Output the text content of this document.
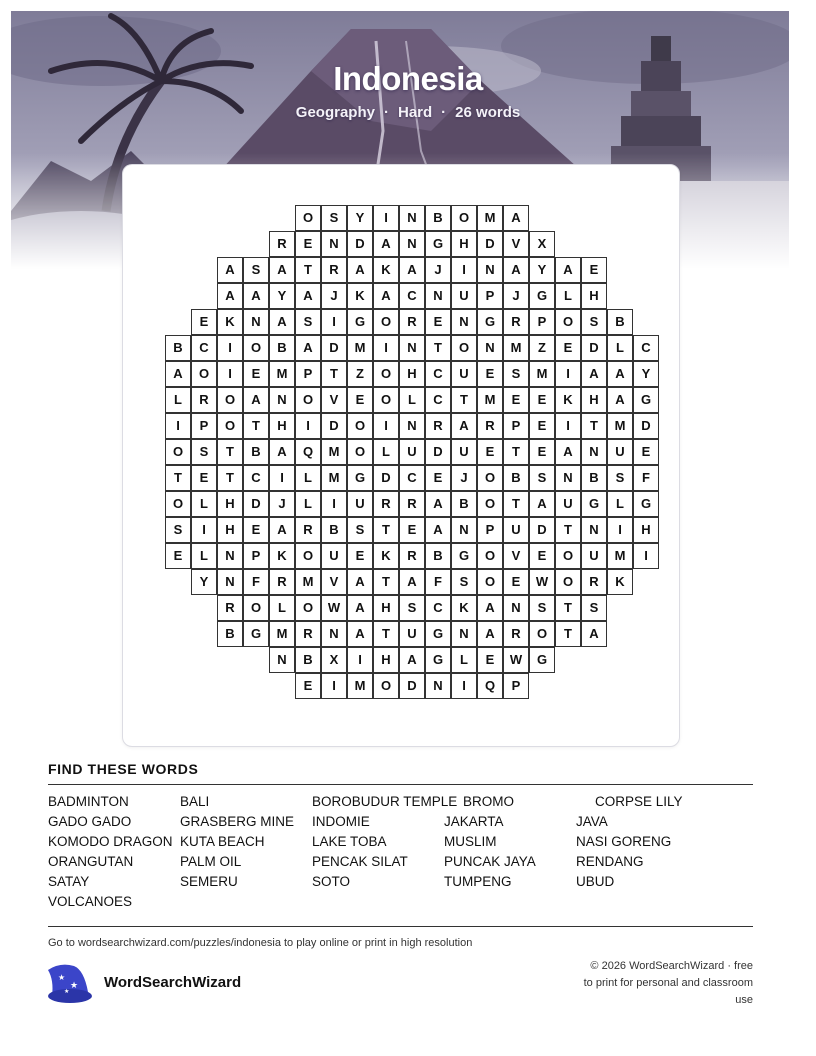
Indonesia
Geography · Hard · 26 words
O	S	Y	I	N	B	O	M	A
R	E	N	D	A	N	G	H	D	V	X
A	S	A	T	R	A	K	A	J	I	N	A	Y	A	E
A	A	Y	A	J	K	A	C	N	U	P	J	G	L	H
E	K	N	A	S	I	G	O	R	E	N	G	R	P	O	S	B
B	C	I	O	B	A	D	M	I	N	T	O	N	M	Z	E	D	L	C
A	O	I	E	M	P	T	Z	O	H	C	U	E	S	M	I	A	A	Y
L	R	O	A	N	O	V	E	O	L	C	T	M	E	E	K	H	A	G
I	P	O	T	H	I	D	O	I	N	R	A	R	P	E	I	T	M	D
O	S	T	B	A	Q	M	O	L	U	D	U	E	T	E	A	N	U	E
T	E	T	C	I	L	M	G	D	C	E	J	O	B	S	N	B	S	F
O	L	H	D	J	L	I	U	R	R	A	B	O	T	A	U	G	L	G
S	I	H	E	A	R	B	S	T	E	A	N	P	U	D	T	N	I	H
E	L	N	P	K	O	U	E	K	R	B	G	O	V	E	O	U	M	I
Y	N	F	R	M	V	A	T	A	F	S	O	E	W	O	R	K
R	O	L	O	W	A	H	S	C	K	A	N	S	T	S
B	G	M	R	N	A	T	U	G	N	A	R	O	T	A
N	B	X	I	H	A	G	L	E	W	G
E	I	M	O	D	N	I	Q	P
FIND THESE WORDS
BADMINTON	BALI	BOROBUDUR TEMPLE BROMO	CORPSE LILY
GADO GADO	GRASBERG MINE INDOMIE	JAKARTA	JAVA
KOMODO DRAGON KUTA BEACH	LAKE TOBA	MUSLIM	NASI GORENG
ORANGUTAN	PALM OIL	PENCAK SILAT	PUNCAK JAYA	RENDANG
SATAY	SEMERU	SOTO	TUMPENG	UBUD
VOLCANOES
Go to wordsearchwizard.com/puzzles/indonesia to play online or print in high resolution
★
★
★
WordSearchWizard
© 2026 WordSearchWizard · free to print for personal and classroom use
